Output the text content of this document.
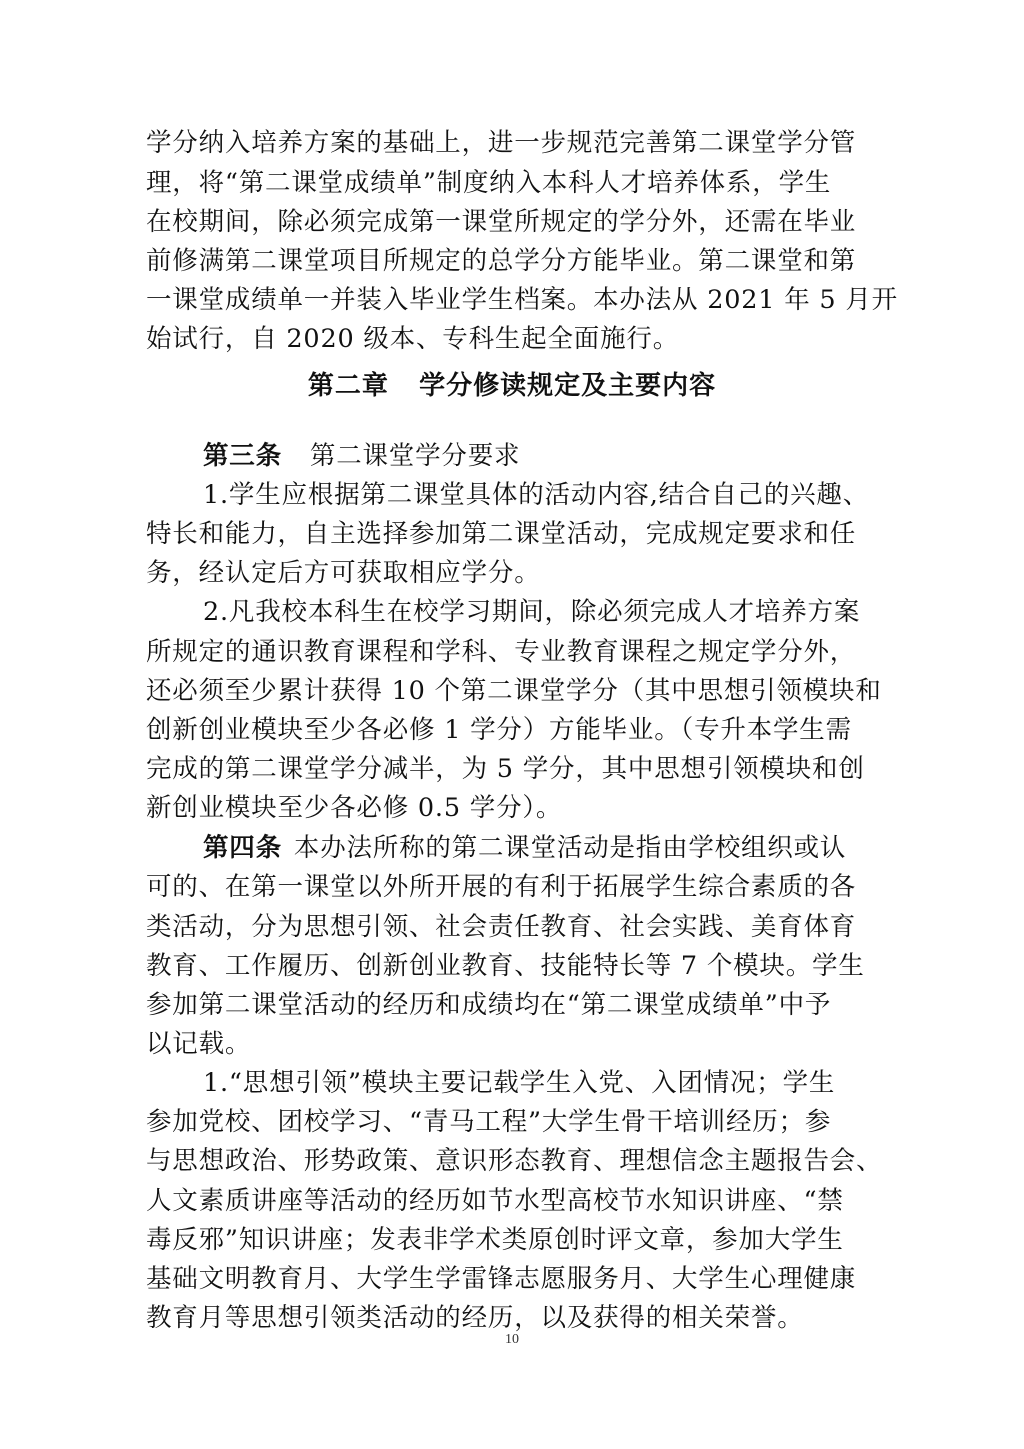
学分纳入培养方案的基础上，进一步规范完善第二课堂学分管
理，将“第二课堂成绩单”制度纳入本科人才培养体系，学生
在校期间，除必须完成第一课堂所规定的学分外，还需在毕业
前修满第二课堂项目所规定的总学分方能毕业。第二课堂和第
一课堂成绩单一并装入毕业学生档案。本办法从 2021 年 5 月开
始试行，自 2020 级本、专科生起全面施行。
第二章   学分修读规定及主要内容
第三条 第二课堂学分要求
1.学生应根据第二课堂具体的活动内容,结合自己的兴趣、
特长和能力，自主选择参加第二课堂活动，完成规定要求和任
务，经认定后方可获取相应学分。
2.凡我校本科生在校学习期间，除必须完成人才培养方案
所规定的通识教育课程和学科、专业教育课程之规定学分外，
还必须至少累计获得 10 个第二课堂学分（其中思想引领模块和
创新创业模块至少各必修 1 学分）方能毕业。（专升本学生需
完成的第二课堂学分减半，为 5 学分，其中思想引领模块和创
新创业模块至少各必修 0.5 学分）。
第四条 本办法所称的第二课堂活动是指由学校组织或认
可的、在第一课堂以外所开展的有利于拓展学生综合素质的各
类活动，分为思想引领、社会责任教育、社会实践、美育体育
教育、工作履历、创新创业教育、技能特长等 7 个模块。学生
参加第二课堂活动的经历和成绩均在“第二课堂成绩单”中予
以记载。
1.“思想引领”模块主要记载学生入党、入团情况；学生
参加党校、团校学习、“青马工程”大学生骨干培训经历；参
与思想政治、形势政策、意识形态教育、理想信念主题报告会、
人文素质讲座等活动的经历如节水型高校节水知识讲座、“禁
毒反邪”知识讲座；发表非学术类原创时评文章，参加大学生
基础文明教育月、大学生学雷锋志愿服务月、大学生心理健康
教育月等思想引领类活动的经历，以及获得的相关荣誉。
10
